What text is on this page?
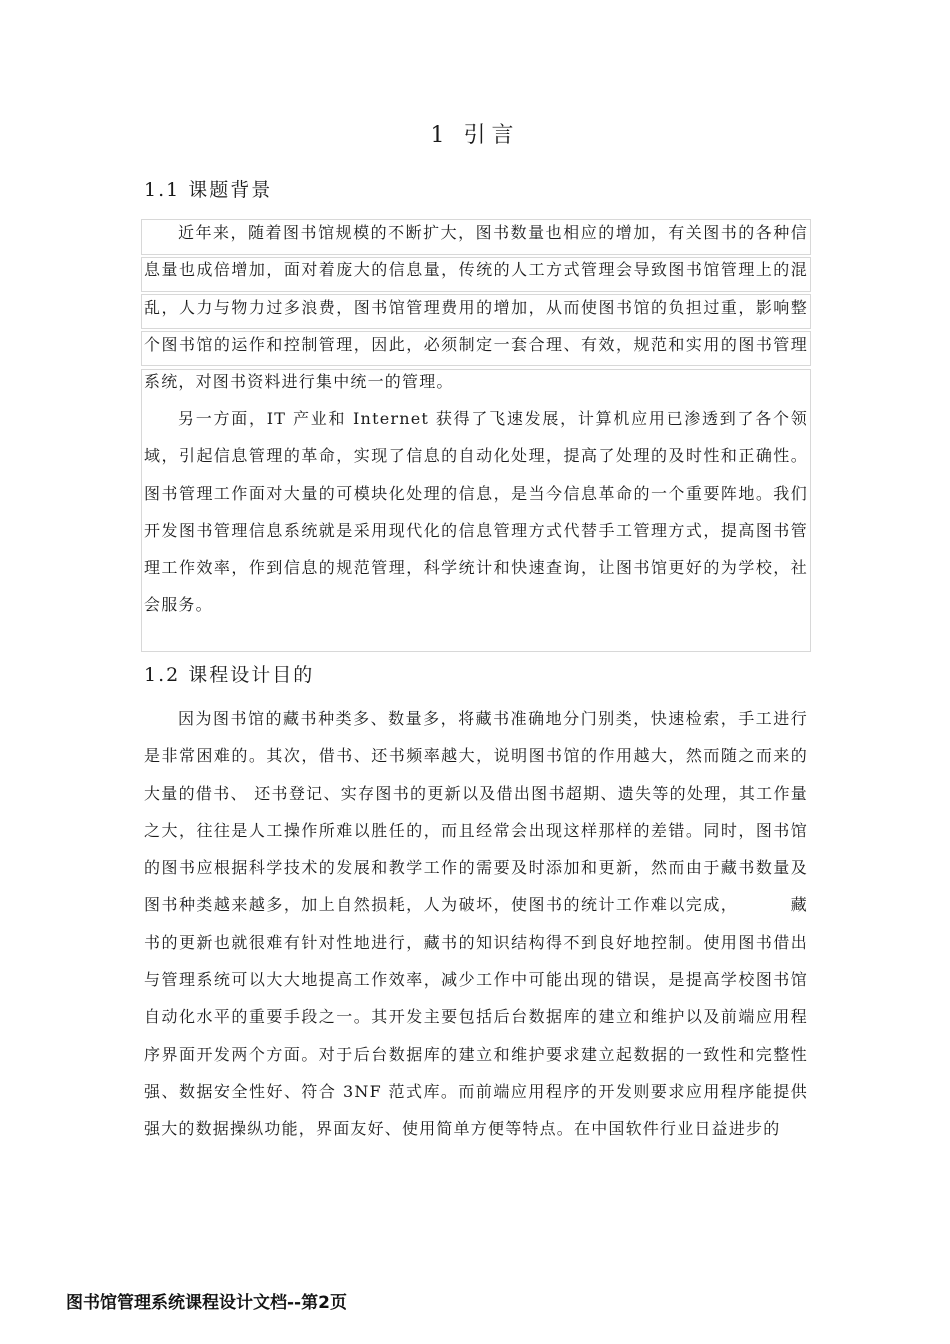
1 引言
1.1 课题背景

近年来，随着图书馆规模的不断扩大，图书数量也相应的增加，有关图书的各种信息量也成倍增加，面对着庞大的信息量，传统的人工方式管理会导致图书馆管理上的混乱，人力与物力过多浪费，图书馆管理费用的增加，从而使图书馆的负担过重，影响整个图书馆的运作和控制管理，因此，必须制定一套合理、有效，规范和实用的图书管理系统，对图书资料进行集中统一的管理。

另一方面，IT 产业和 Internet 获得了飞速发展，计算机应用已渗透到了各个领域，引起信息管理的革命，实现了信息的自动化处理，提高了处理的及时性和正确性。图书管理工作面对大量的可模块化处理的信息，是当今信息革命的一个重要阵地。我们开发图书管理信息系统就是采用现代化的信息管理方式代替手工管理方式，提高图书管理工作效率，作到信息的规范管理，科学统计和快速查询，让图书馆更好的为学校，社会服务。

1.2 课程设计目的

因为图书馆的藏书种类多、数量多，将藏书准确地分门别类，快速检索，手工进行是非常困难的。其次，借书、还书频率越大，说明图书馆的作用越大，然而随之而来的大量的借书、 还书登记、实存图书的更新以及借出图书超期、遗失等的处理，其工作量之大，往往是人工操作所难以胜任的，而且经常会出现这样那样的差错。同时，图书馆的图书应根据科学技术的发展和教学工作的需要及时添加和更新，然而由于藏书数量及图书种类越来越多，加上自然损耗，人为破坏，使图书的统计工作难以完成，        藏书的更新也就很难有针对性地进行，藏书的知识结构得不到良好地控制。使用图书借出与管理系统可以大大地提高工作效率，减少工作中可能出现的错误，是提高学校图书馆自动化水平的重要手段之一。其开发主要包括后台数据库的建立和维护以及前端应用程序界面开发两个方面。对于后台数据库的建立和维护要求建立起数据的一致性和完整性强、数据安全性好、符合 3NF 范式库。而前端应用程序的开发则要求应用程序能提供强大的数据操纵功能，界面友好、使用简单方便等特点。在中国软件行业日益进步的

图书馆管理系统课程设计文档--第2页
